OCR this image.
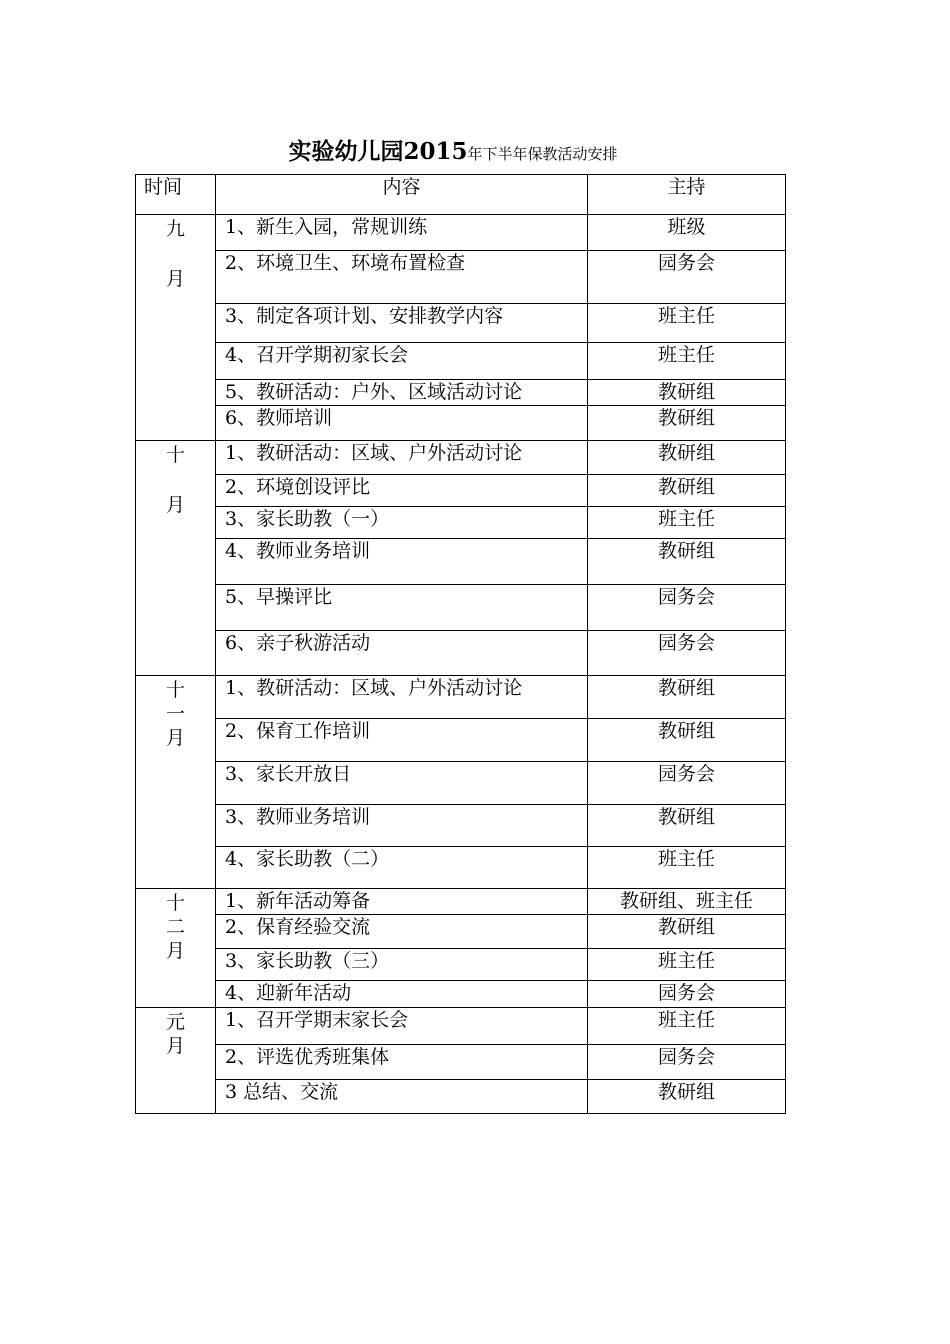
实验幼儿园2015年下半年保教活动安排
时间	内容	主持

九
月	1、新生入园，常规训练	班级
	2、环境卫生、环境布置检查	园务会
	3、制定各项计划、安排教学内容	班主任
	4、召开学期初家长会	班主任
	5、教研活动：户外、区域活动讨论	教研组
	6、教师培训	教研组

十
月	1、教研活动：区域、户外活动讨论	教研组
	2、环境创设评比	教研组
	3、家长助教（一）	班主任
	4、教师业务培训	教研组
	5、早操评比	园务会
	6、亲子秋游活动	园务会

十
一
月	1、教研活动：区域、户外活动讨论	教研组
	2、保育工作培训	教研组
	3、家长开放日	园务会
	3、教师业务培训	教研组
	4、家长助教（二）	班主任

十
二
月	1、新年活动筹备	教研组、班主任
	2、保育经验交流	教研组
	3、家长助教（三）	班主任
	4、迎新年活动	园务会

元
月	1、召开学期末家长会	班主任
	2、评选优秀班集体	园务会
	3 总结、交流	教研组
